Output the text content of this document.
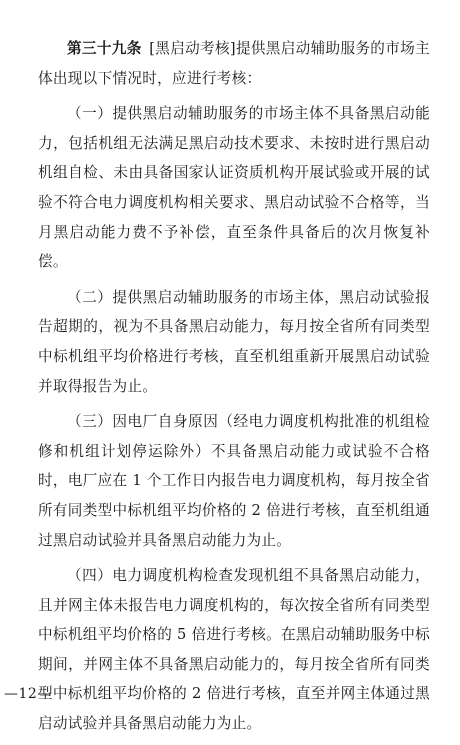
第三十九条  [黑启动考核]提供黑启动辅助服务的市场主体出现以下情况时，应进行考核：

（一）提供黑启动辅助服务的市场主体不具备黑启动能力，包括机组无法满足黑启动技术要求、未按时进行黑启动机组自检、未由具备国家认证资质机构开展试验或开展的试验不符合电力调度机构相关要求、黑启动试验不合格等，当月黑启动能力费不予补偿，直至条件具备后的次月恢复补偿。

（二）提供黑启动辅助服务的市场主体，黑启动试验报告超期的，视为不具备黑启动能力，每月按全省所有同类型中标机组平均价格进行考核，直至机组重新开展黑启动试验并取得报告为止。

（三）因电厂自身原因（经电力调度机构批准的机组检修和机组计划停运除外）不具备黑启动能力或试验不合格时，电厂应在 1 个工作日内报告电力调度机构，每月按全省所有同类型中标机组平均价格的 2 倍进行考核，直至机组通过黑启动试验并具备黑启动能力为止。

（四）电力调度机构检查发现机组不具备黑启动能力，且并网主体未报告电力调度机构的，每次按全省所有同类型中标机组平均价格的 5 倍进行考核。在黑启动辅助服务中标期间，并网主体不具备黑启动能力的，每月按全省所有同类型中标机组平均价格的 2 倍进行考核，直至并网主体通过黑启动试验并具备黑启动能力为止。

—12—
